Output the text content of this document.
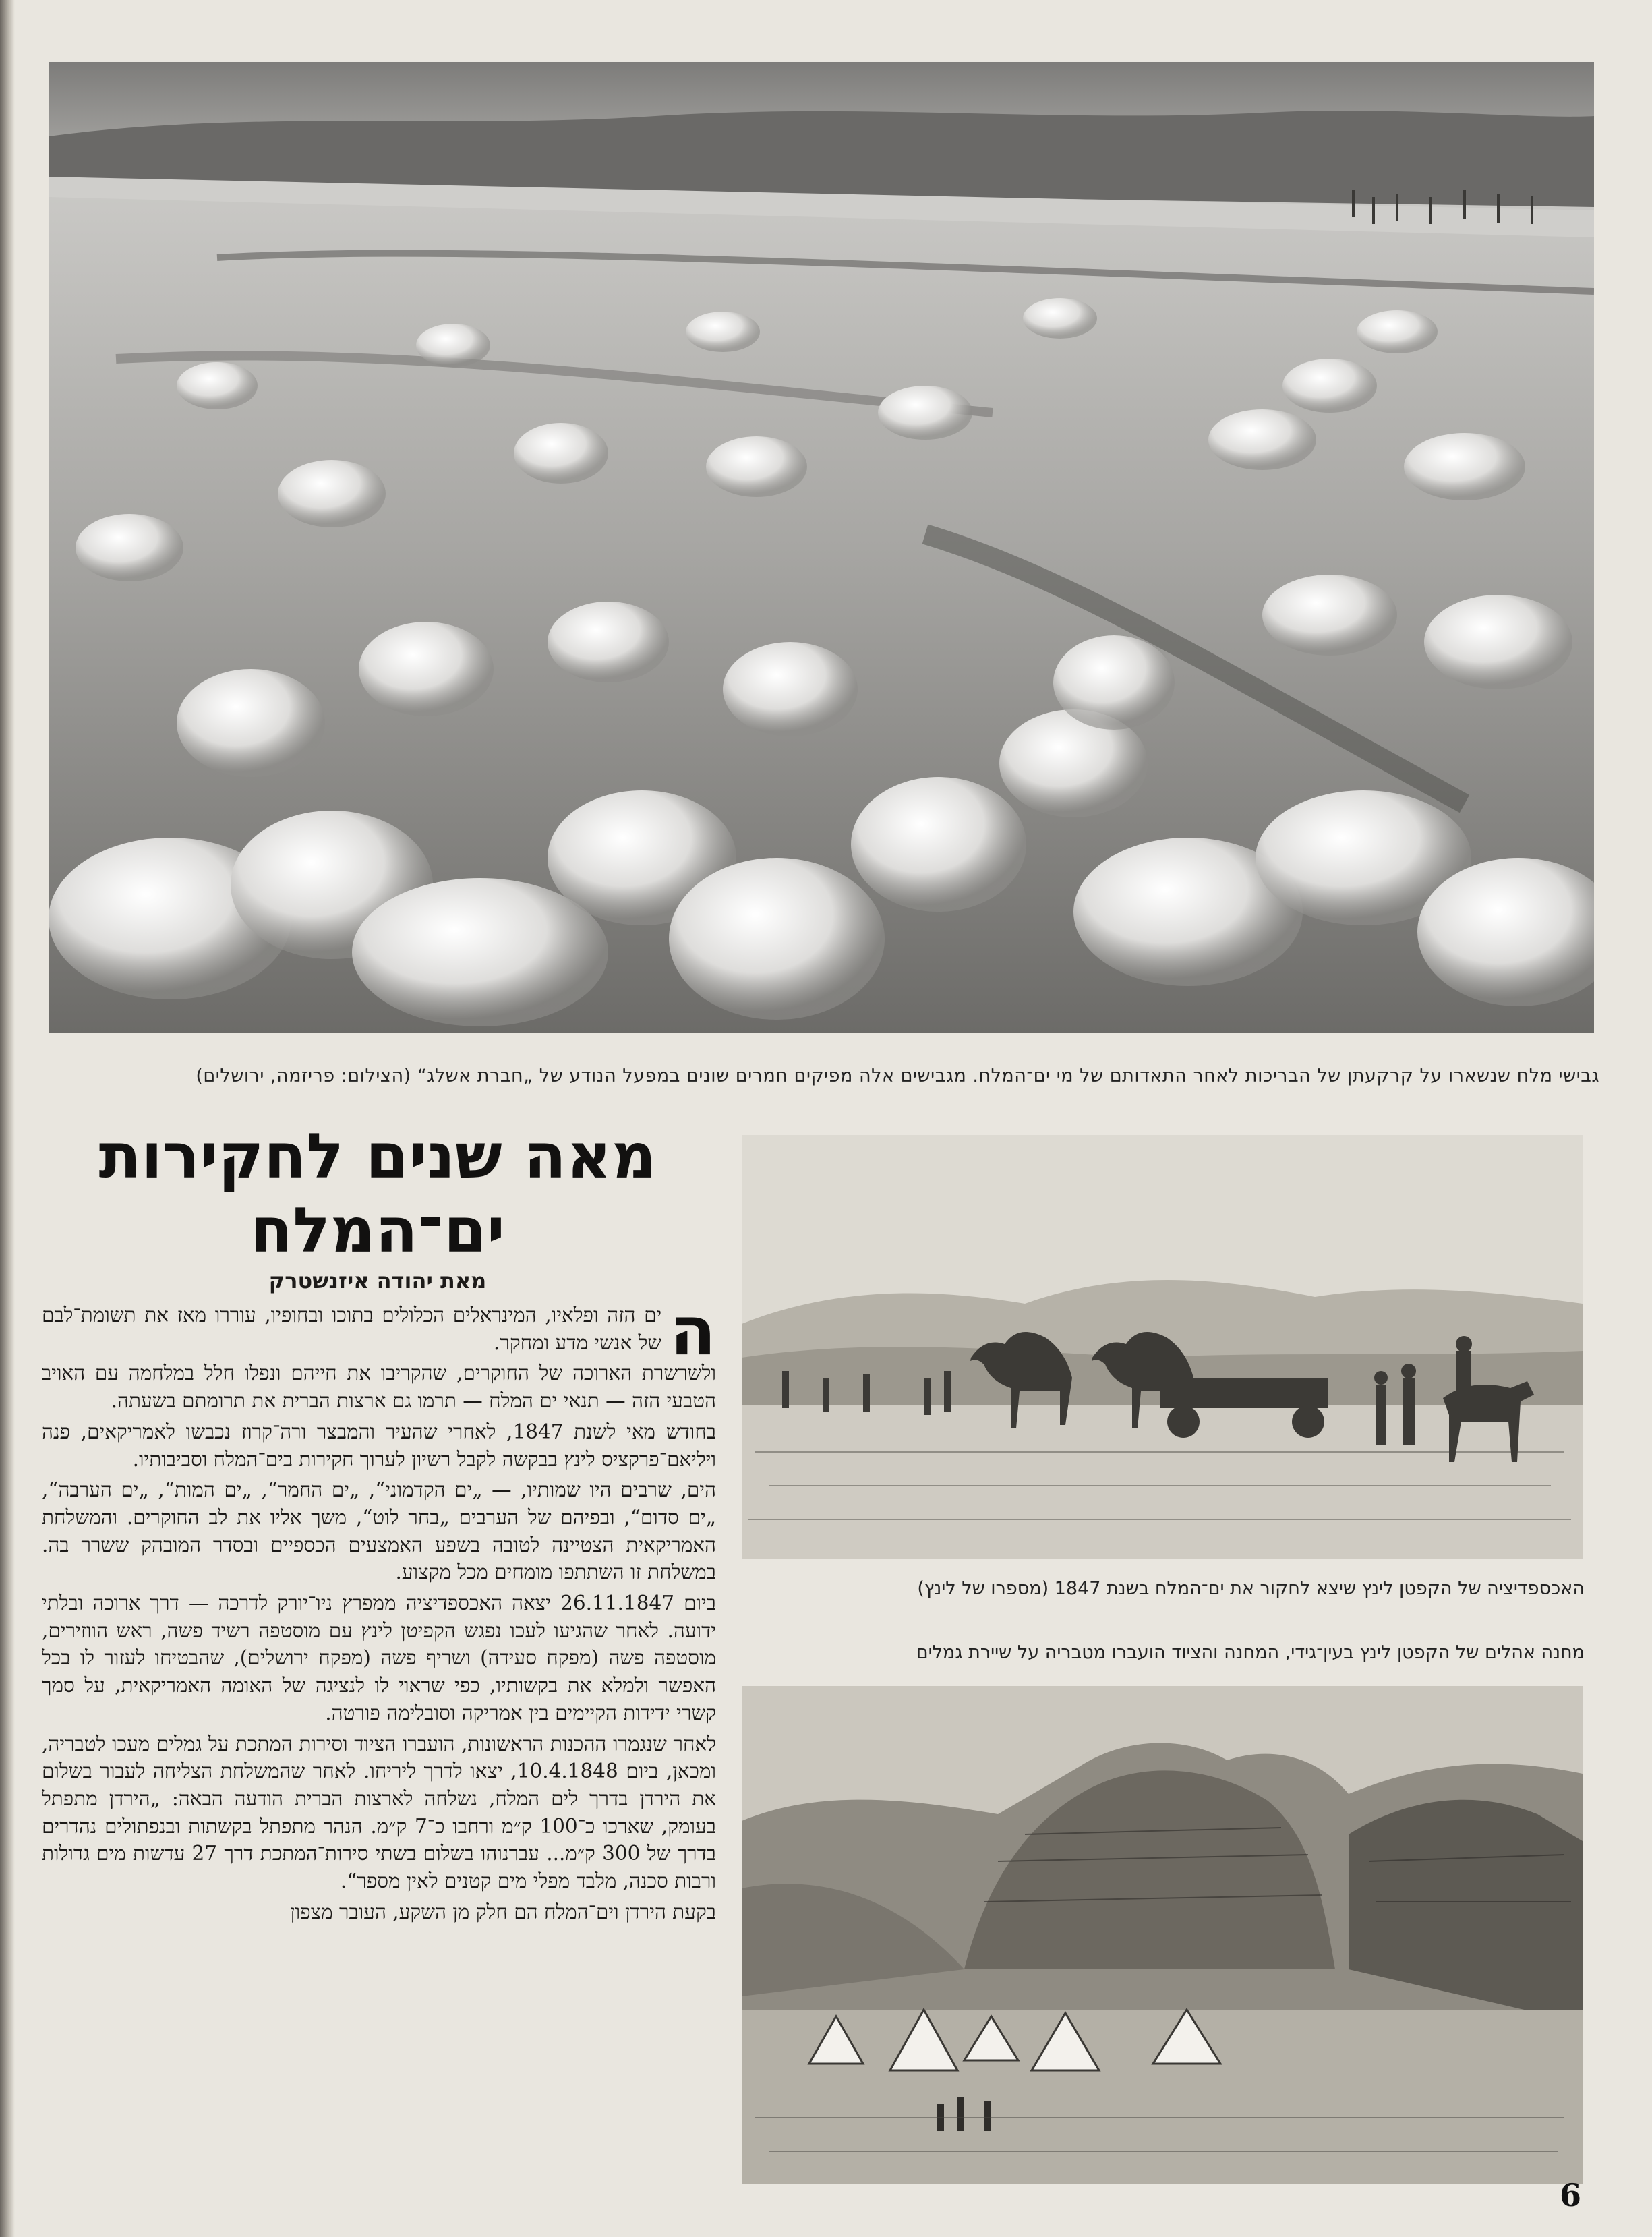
גבישי מלח שנשארו על קרקעתן של הבריכות לאחר התאדותם של מי ים־המלח. מגבישים אלה מפיקים חמרים שונים במפעל הנודע של „חברת אשלג“ (הצילום: פריזמה, ירושלים)
מאה שנים לחקירות
ים־המלח
מאת יהודה איזנשטרק
ה

ים הזה ופלאיו, המינראלים הכלולים בתוכו ובחופיו, עוררו מאז את תשומת־לבם של אנשי מדע ומחקר.

ולשרשרת הארוכה של החוקרים, שהקריבו את חייהם ונפלו חלל במלחמה עם האויב הטבעי הזה — תנאי ים המלח — תרמו גם ארצות הברית את תרומתם בשעתה.

בחודש מאי לשנת 1847, לאחרי שהעיר והמבצר ורה־קרוז נכבשו לאמריקאים, פנה ויליאם־פרקציס לינץ בבקשה לקבל רשיון לערוך חקירות בים־המלח וסביבותיו.

הים, שרבים היו שמותיו, — „ים הקדמוני“, „ים החמר“, „ים המות“, „ים הערבה“, „ים סדום“, ובפיהם של הערבים „בחר לוט“, משך אליו את לב החוקרים. והמשלחת האמריקאית הצטיינה לטובה בשפע האמצעים הכספיים ובסדר המובהק ששרר בה. במשלחת זו השתתפו מומחים מכל מקצוע.

ביום 26.11.1847 יצאה האכספדיציה ממפרץ ניו־יורק לדרכה — דרך ארוכה ובלתי ידועה. לאחר שהגיעו לעכו נפגש הקפיטן לינץ עם מוסטפה רשיד פשה, ראש הווזירים, מוסטפה פשה (מפקח סעידה) ושריף פשה (מפקח ירושלים), שהבטיחו לעזור לו בכל האפשר ולמלא את בקשותיו, כפי שראוי לו לנציגה של האומה האמריקאית, על סמך קשרי ידידות הקיימים בין אמריקה וסובלימה פורטה.

לאחר שנגמרו ההכנות הראשונות, הועברו הציוד וסירות המתכת על גמלים מעכו לטבריה, ומכאן, ביום 10.4.1848, יצאו לדרך ליריחו. לאחר שהמשלחת הצליחה לעבור בשלום את הירדן בדרך לים המלח, נשלחה לארצות הברית הודעה הבאה: „הירדן מתפתל בעומק, שארכו כ־100 ק״מ ורחבו כ־7 ק״מ. הנהר מתפתל בקשתות ובנפתולים נהדרים בדרך של 300 ק״מ... עברנוהו בשלום בשתי סירות־המתכת דרך 27 עדשות מים גדולות ורבות סכנה, מלבד מפלי מים קטנים לאין מספר“.

בקעת הירדן וים־המלח הם חלק מן השקע, העובר מצפון

האכספדיציה של הקפטן לינץ שיצא לחקור את ים־המלח בשנת 1847 (מספרו של לינץ)
מחנה אהלים של הקפטן לינץ בעין־גידי, המחנה והציוד הועברו מטבריה על שיירת גמלים
6
